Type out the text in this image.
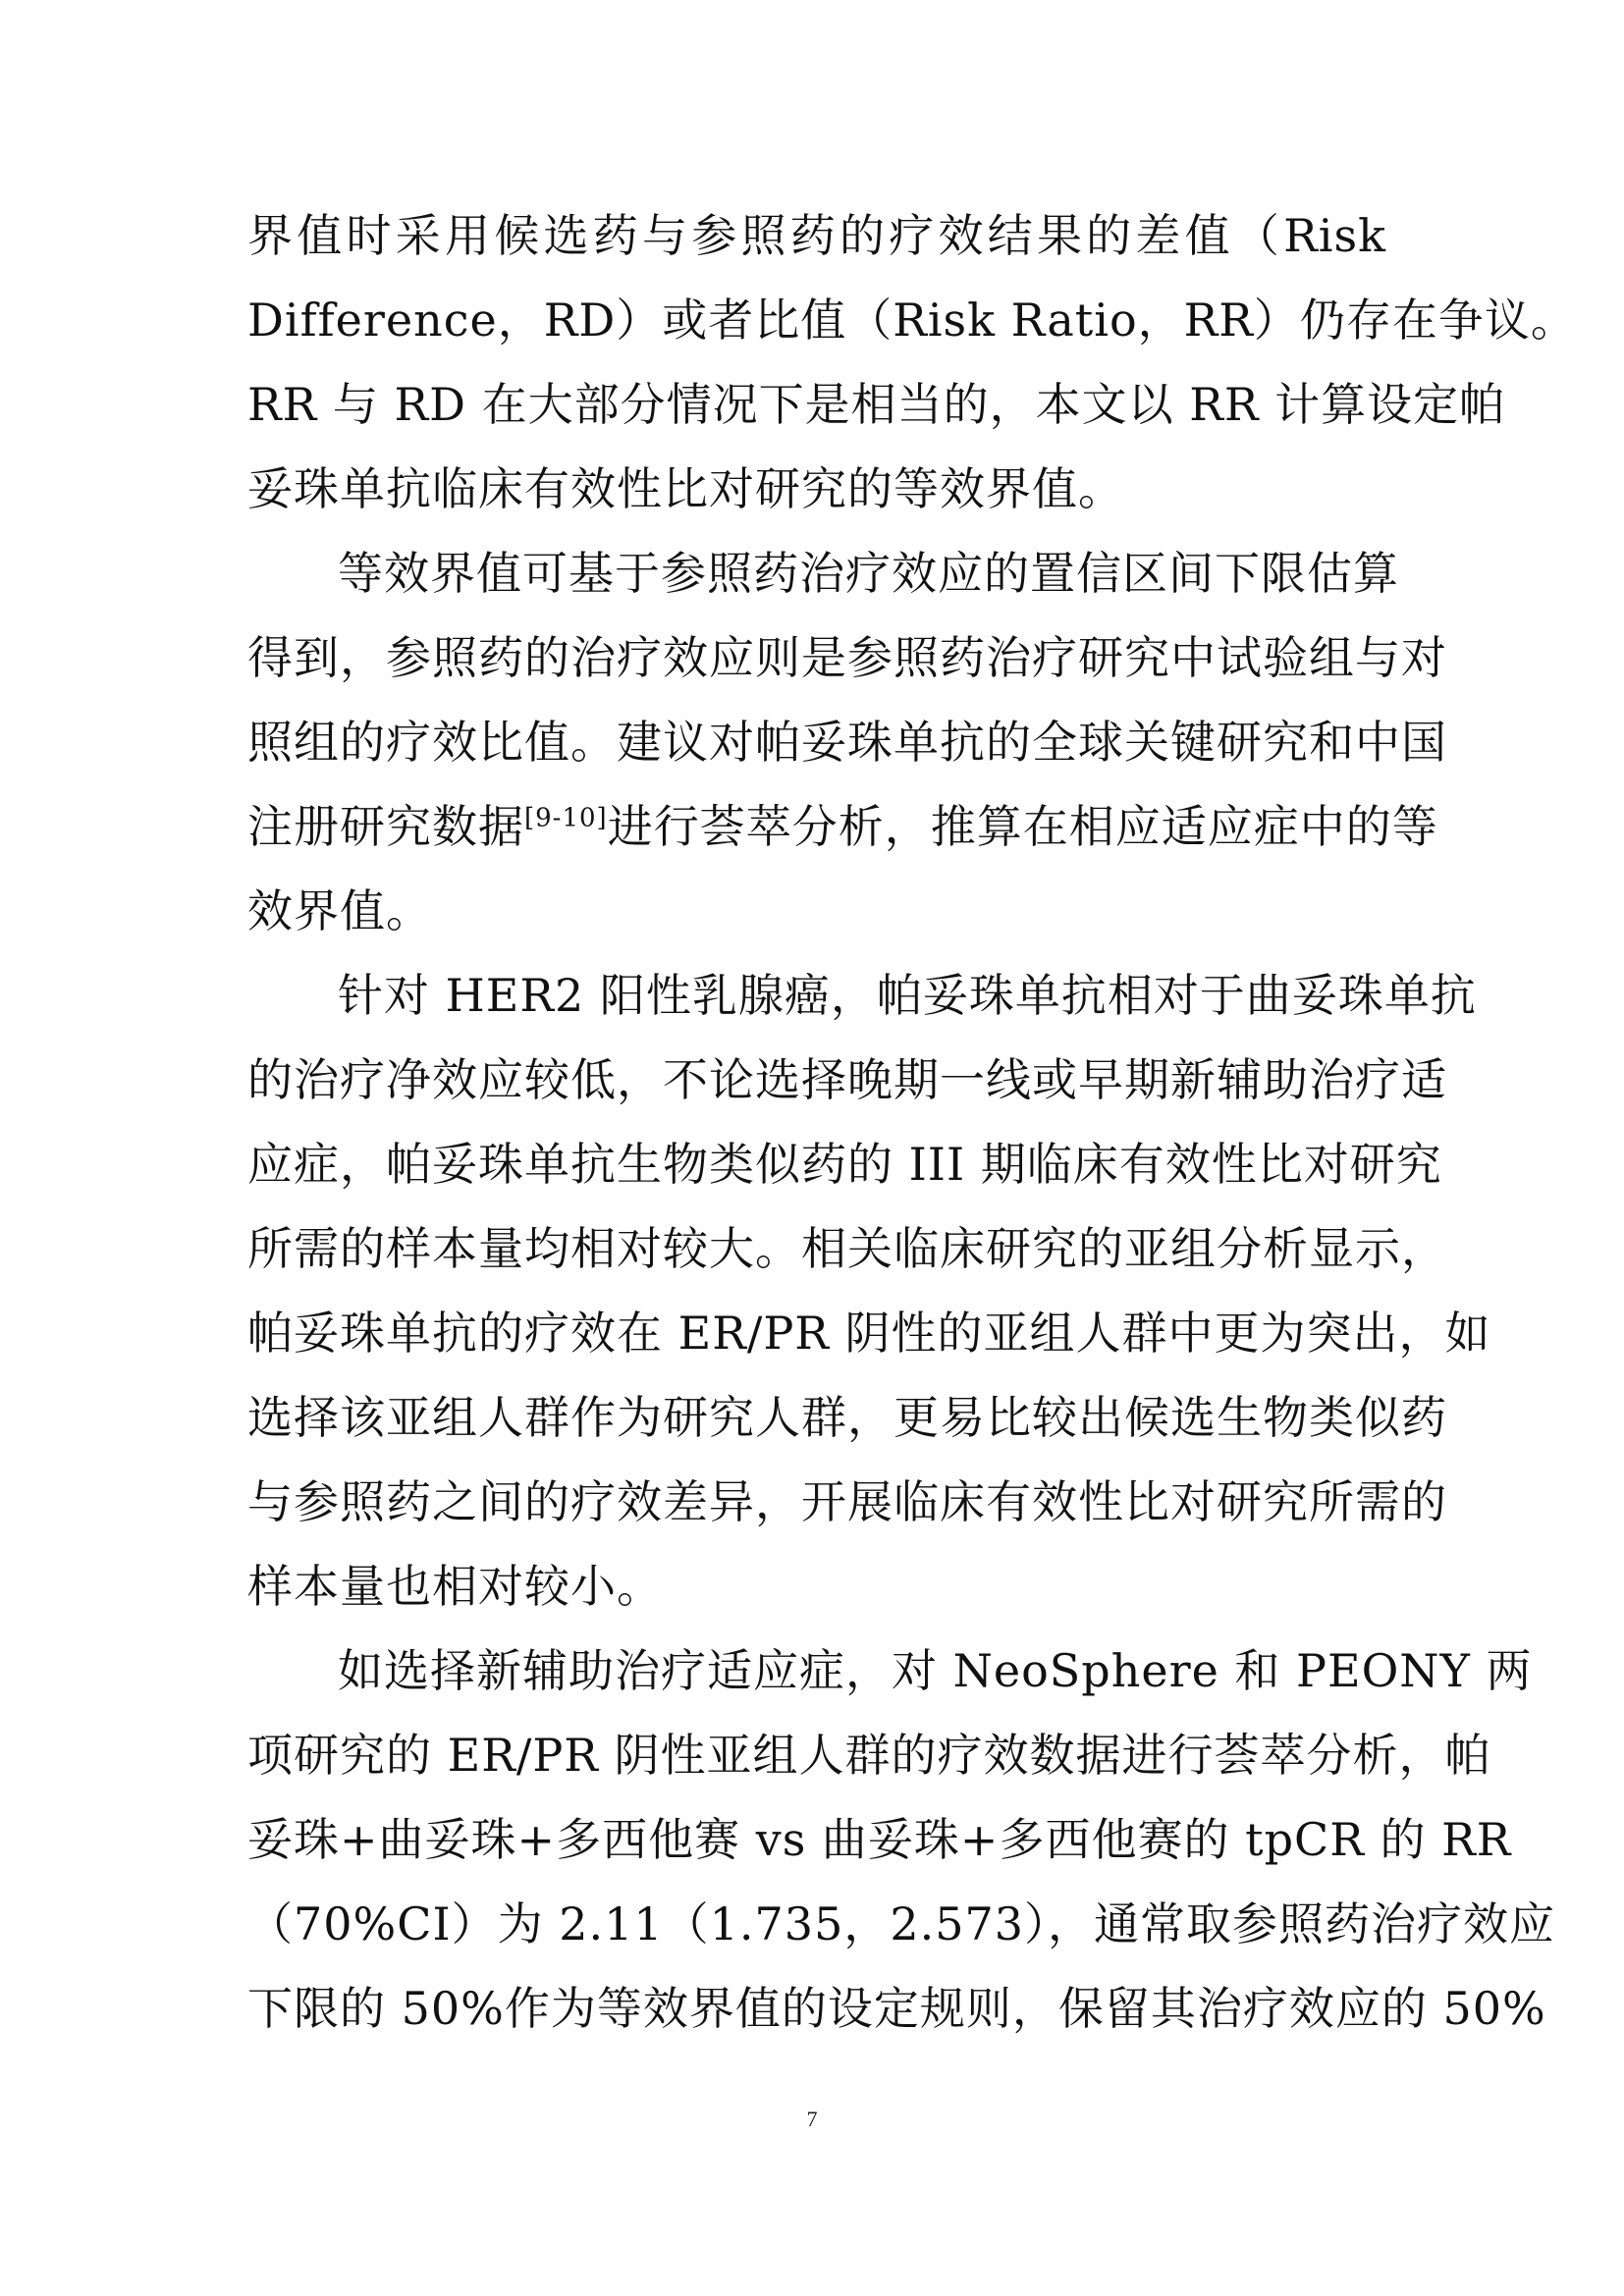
界值时采用候选药与参照药的疗效结果的差值（Risk
Difference，RD）或者比值（Risk Ratio，RR）仍存在争议。
RR 与 RD 在大部分情况下是相当的，本文以 RR 计算设定帕
妥珠单抗临床有效性比对研究的等效界值。

等效界值可基于参照药治疗效应的置信区间下限估算
得到，参照药的治疗效应则是参照药治疗研究中试验组与对
照组的疗效比值。建议对帕妥珠单抗的全球关键研究和中国
注册研究数据[9-10]进行荟萃分析，推算在相应适应症中的等
效界值。

针对 HER2 阳性乳腺癌，帕妥珠单抗相对于曲妥珠单抗
的治疗净效应较低，不论选择晚期一线或早期新辅助治疗适
应症，帕妥珠单抗生物类似药的 III 期临床有效性比对研究
所需的样本量均相对较大。相关临床研究的亚组分析显示，
帕妥珠单抗的疗效在 ER/PR 阴性的亚组人群中更为突出，如
选择该亚组人群作为研究人群，更易比较出候选生物类似药
与参照药之间的疗效差异，开展临床有效性比对研究所需的
样本量也相对较小。

如选择新辅助治疗适应症，对 NeoSphere 和 PEONY 两
项研究的 ER/PR 阴性亚组人群的疗效数据进行荟萃分析，帕
妥珠+曲妥珠+多西他赛 vs 曲妥珠+多西他赛的 tpCR 的 RR
（70%CI）为 2.11（1.735，2.573），通常取参照药治疗效应
下限的 50%作为等效界值的设定规则，保留其治疗效应的 50%

7
